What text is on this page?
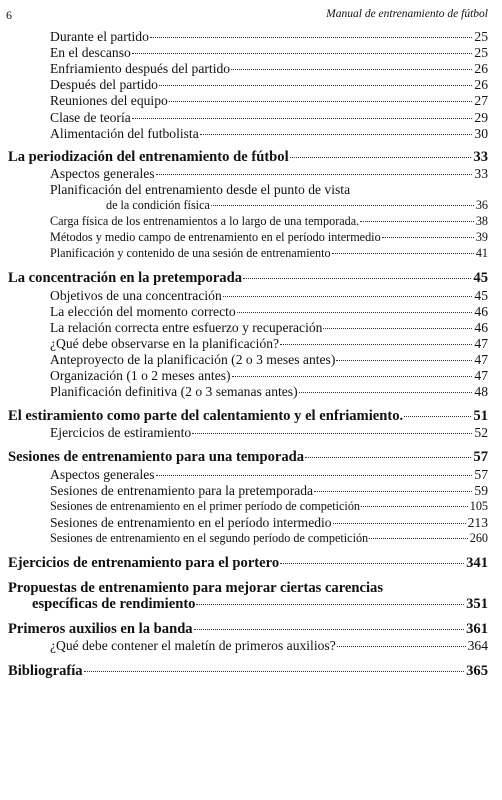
6	Manual de entrenamiento de fútbol
Durante el partido	25
En el descanso	25
Enfriamiento después del partido	26
Después del partido	26
Reuniones del equipo	27
Clase de teoría	29
Alimentación del futbolista	30
La periodización del entrenamiento de fútbol	33
Aspectos generales	33
Planificación del entrenamiento desde el punto de vista
de la condición física	36
Carga física de los entrenamientos a lo largo de una temporada.	38
Métodos y medio campo de entrenamiento en el período intermedio	39
Planificación y contenido de una sesión de entrenamiento	41
La concentración en la pretemporada	45
Objetivos de una concentración	45
La elección del momento correcto	46
La relación correcta entre esfuerzo y recuperación	46
¿Qué debe observarse en la planificación?	47
Anteproyecto de la planificación (2 o 3 meses antes)	47
Organización (1 o 2 meses antes)	47
Planificación definitiva (2 o 3 semanas antes)	48
El estiramiento como parte del calentamiento y el enfriamiento.	51
Ejercicios de estiramiento	52
Sesiones de entrenamiento para una temporada	57
Aspectos generales	57
Sesiones de entrenamiento para la pretemporada	59
Sesiones de entrenamiento en el primer período de competición	105
Sesiones de entrenamiento en el período intermedio	213
Sesiones de entrenamiento en el segundo período de competición	260
Ejercicios de entrenamiento para el portero	341
Propuestas de entrenamiento para mejorar ciertas carencias
específicas de rendimiento	351
Primeros auxilios en la banda	361
¿Qué debe contener el maletín de primeros auxilios?	364
Bibliografía	365
